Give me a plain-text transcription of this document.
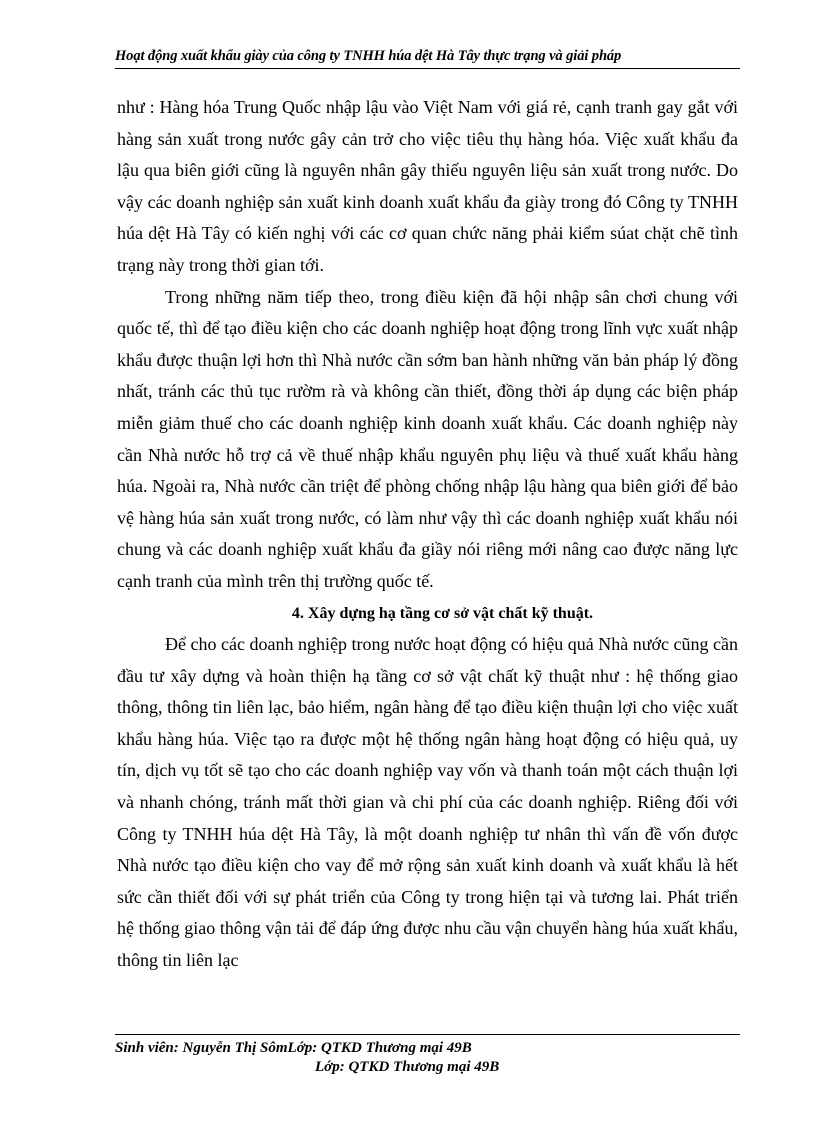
Hoạt động xuất khẩu giày của công ty TNHH húa dệt Hà Tây thực trạng và giải pháp

như : Hàng hóa Trung Quốc nhập lậu vào Việt Nam với giá rẻ, cạnh tranh gay gắt với hàng sản xuất trong nước gây cản trở cho việc tiêu thụ hàng hóa. Việc xuất khẩu đa lậu qua biên giới cũng là nguyên nhân gây thiếu nguyên liệu sản xuất trong nước. Do vậy các doanh nghiệp sản xuất kinh doanh xuất khẩu đa giày trong đó Công ty TNHH húa dệt Hà Tây có kiến nghị với các cơ quan chức năng phải kiểm súat chặt chẽ tình trạng này trong thời gian tới.

Trong những năm tiếp theo, trong điều kiện đã hội nhập sân chơi chung với quốc tế, thì để tạo điều kiện cho các doanh nghiệp hoạt động trong lĩnh vực xuất nhập khẩu được thuận lợi hơn thì Nhà nước cần sớm ban hành những văn bản pháp lý đồng nhất, tránh các thủ tục rườm rà và không cần thiết, đồng thời áp dụng các biện pháp miễn giảm thuế cho các doanh nghiệp kinh doanh xuất khẩu. Các doanh nghiệp này cần Nhà nước hỗ trợ cả về thuế nhập khẩu nguyên phụ liệu và thuế xuất khẩu hàng húa. Ngoài ra, Nhà nước cần triệt để phòng chống nhập lậu hàng qua biên giới để bảo vệ hàng húa sản xuất trong nước, có làm như vậy thì các doanh nghiệp xuất khẩu nói chung và các doanh nghiệp xuất khẩu đa giầy nói riêng mới nâng cao được năng lực cạnh tranh của mình trên thị trường quốc tế.

4. Xây dựng hạ tầng cơ sở vật chất kỹ thuật.

Để cho các doanh nghiệp trong nước hoạt động có hiệu quả Nhà nước cũng cần đầu tư xây dựng và hoàn thiện hạ tầng cơ sở vật chất kỹ thuật như : hệ thống giao thông, thông tin liên lạc, bảo hiểm, ngân hàng để tạo điều kiện thuận lợi cho việc xuất khẩu hàng húa. Việc tạo ra được một hệ thống ngân hàng hoạt động có hiệu quả, uy tín, dịch vụ tốt sẽ tạo cho các doanh nghiệp vay vốn và thanh toán một cách thuận lợi và nhanh chóng, tránh mất thời gian và chi phí của các doanh nghiệp. Riêng đối với Công ty TNHH húa dệt Hà Tây, là một doanh nghiệp tư nhân thì vấn đề vốn được Nhà nước tạo điều kiện cho vay để mở rộng sản xuất kinh doanh và xuất khẩu là hết sức cần thiết đối với sự phát triển của Công ty trong hiện tại và tương lai. Phát triển hệ thống giao thông vận tải để đáp ứng được nhu cầu vận chuyển hàng húa xuất khẩu, thông tin liên lạc

Sinh viên: Nguyễn Thị SômLớp: QTKD Thương mại 49B
Lớp: QTKD Thương mại 49B
